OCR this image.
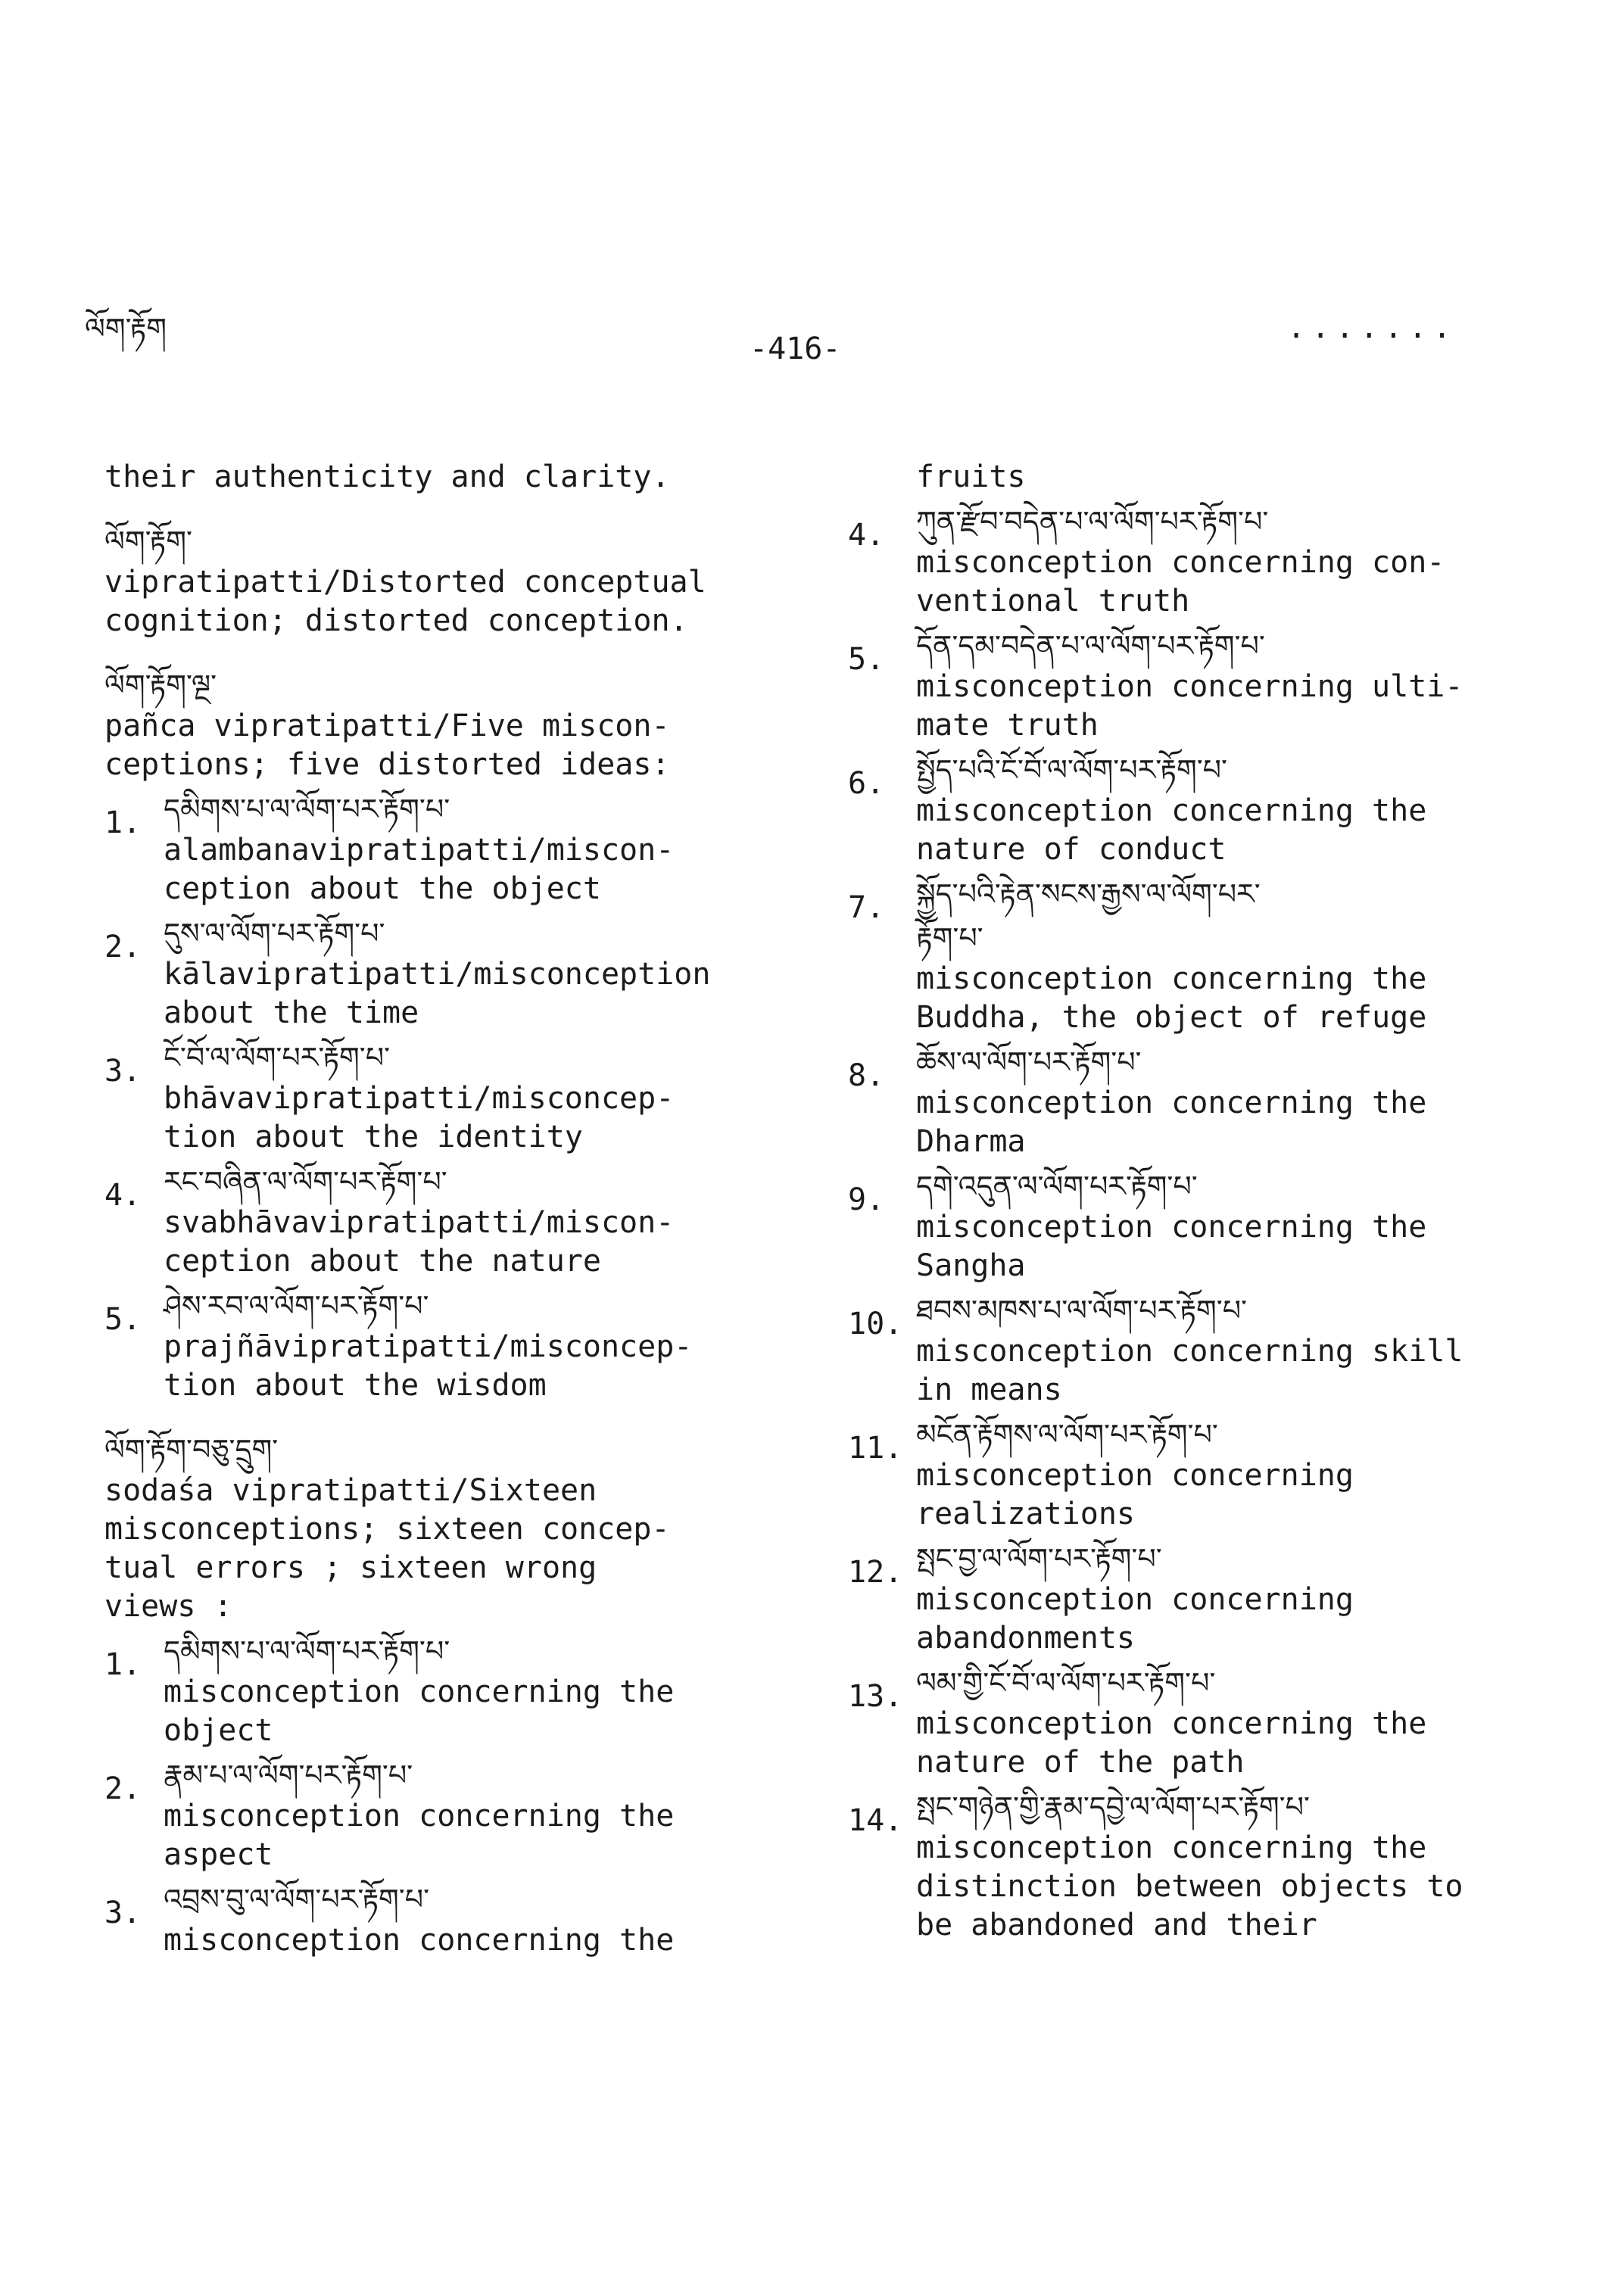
ལོག་རྟོག
-416-
.......
their authenticity and clarity.
ལོག་རྟོག་
vipratipatti/Distorted conceptual
cognition; distorted conception.
ལོག་རྟོག་ལྔ་
pañca vipratipatti/Five miscon-
ceptions; five distorted ideas:
1. དམིགས་པ་ལ་ལོག་པར་རྟོག་པ་
alambanavipratipatti/miscon-
ception about the object
2. དུས་ལ་ལོག་པར་རྟོག་པ་
kālavipratipatti/misconception
about the time
3. ངོ་བོ་ལ་ལོག་པར་རྟོག་པ་
bhāvavipratipatti/misconcep-
tion about the identity
4. རང་བཞིན་ལ་ལོག་པར་རྟོག་པ་
svabhāvavipratipatti/miscon-
ception about the nature
5. ཤེས་རབ་ལ་ལོག་པར་རྟོག་པ་
prajñāvipratipatti/misconcep-
tion about the wisdom
ལོག་རྟོག་བཅུ་དྲུག་
sodaśa vipratipatti/Sixteen
misconceptions; sixteen concep-
tual errors ; sixteen wrong
views :
1. དམིགས་པ་ལ་ལོག་པར་རྟོག་པ་
misconception concerning the
object
2. རྣམ་པ་ལ་ལོག་པར་རྟོག་པ་
misconception concerning the
aspect
3. འབྲས་བུ་ལ་ལོག་པར་རྟོག་པ་
misconception concerning the
fruits
4. ཀུན་རྫོབ་བདེན་པ་ལ་ལོག་པར་རྟོག་པ་
misconception concerning con-
ventional truth
5. དོན་དམ་བདེན་པ་ལ་ལོག་པར་རྟོག་པ་
misconception concerning ulti-
mate truth
6. སྤྱོད་པའི་ངོ་བོ་ལ་ལོག་པར་རྟོག་པ་
misconception concerning the
nature of conduct
7. སྐྱོད་པའི་རྟེན་སངས་རྒྱས་ལ་ལོག་པར་
རྟོག་པ་
misconception concerning the
Buddha, the object of refuge
8. ཆོས་ལ་ལོག་པར་རྟོག་པ་
misconception concerning the
Dharma
9. དགེ་འདུན་ལ་ལོག་པར་རྟོག་པ་
misconception concerning the
Sangha
10. ཐབས་མཁས་པ་ལ་ལོག་པར་རྟོག་པ་
misconception concerning skill
in means
11. མངོན་རྟོགས་ལ་ལོག་པར་རྟོག་པ་
misconception concerning
realizations
12. སྤང་བྱ་ལ་ལོག་པར་རྟོག་པ་
misconception concerning
abandonments
13. ལམ་གྱི་ངོ་བོ་ལ་ལོག་པར་རྟོག་པ་
misconception concerning the
nature of the path
14. སྤང་གཉེན་གྱི་རྣམ་དབྱེ་ལ་ལོག་པར་རྟོག་པ་
misconception concerning the
distinction between objects to
be abandoned and their
